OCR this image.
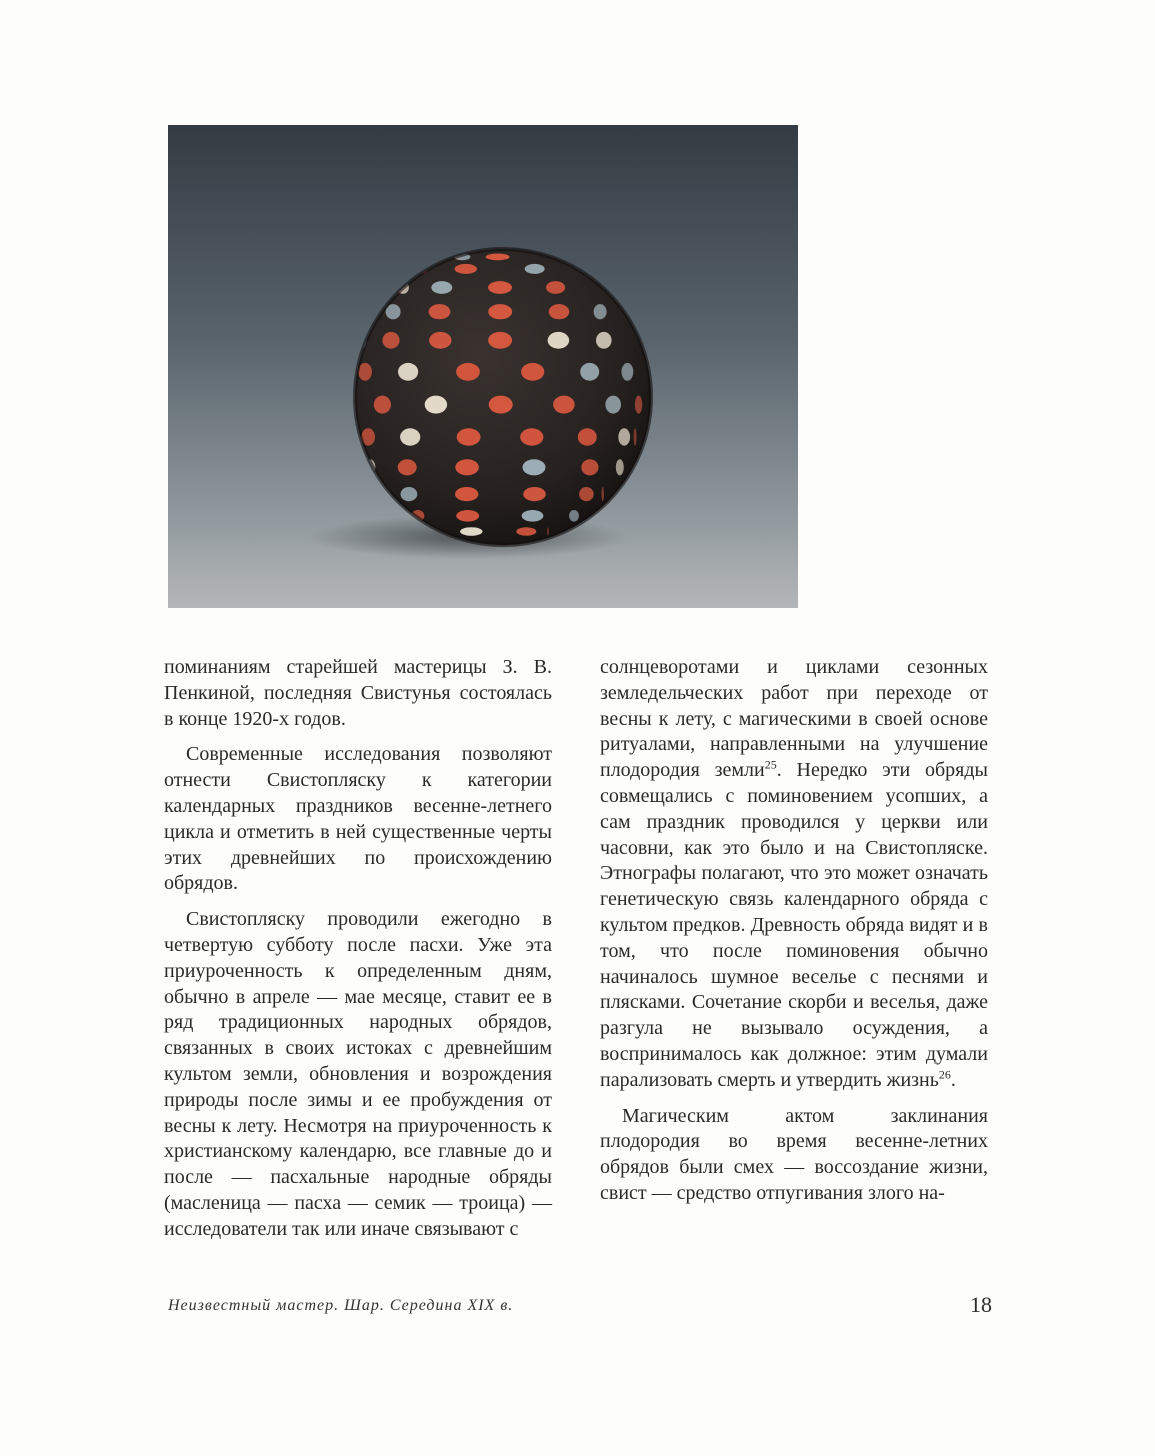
поминаниям старейшей мастерицы З. В. Пенкиной, последняя Свистунья состоялась в конце 1920-х годов.

Современные исследования позволяют отнести Свистопляску к категории календарных праздников весенне-летнего цикла и отметить в ней существенные черты этих древнейших по происхождению обрядов.

Свистопляску проводили ежегодно в четвертую субботу после пасхи. Уже эта приуроченность к определенным дням, обычно в апреле — мае месяце, ставит ее в ряд традиционных народных обрядов, связанных в своих истоках с древнейшим культом земли, обновления и возрождения природы после зимы и ее пробуждения от весны к лету. Несмотря на приуроченность к христианскому календарю, все главные до и после — пасхальные народные обряды (масленица — пасха — семик — троица) — исследователи так или иначе связывают с

солнцеворотами и циклами сезонных земледельческих работ при переходе от весны к лету, с магическими в своей основе ритуалами, направленными на улучшение плодородия земли$^{25}$. Нередко эти обряды совмещались с поминовением усопших, а сам праздник проводился у церкви или часовни, как это было и на Свистопляске. Этнографы полагают, что это может означать генетическую связь календарного обряда с культом предков. Древность обряда видят и в том, что после поминовения обычно начиналось шумное веселье с песнями и плясками. Сочетание скорби и веселья, даже разгула не вызывало осуждения, а воспринималось как должное: этим думали парализовать смерть и утвердить жизнь$^{26}$.

Магическим актом заклинания плодородия во время весенне-летних обрядов были смех — воссоздание жизни, свист — средство отпугивания злого на-

Неизвестный мастер. Шар. Середина XIX в.	18
